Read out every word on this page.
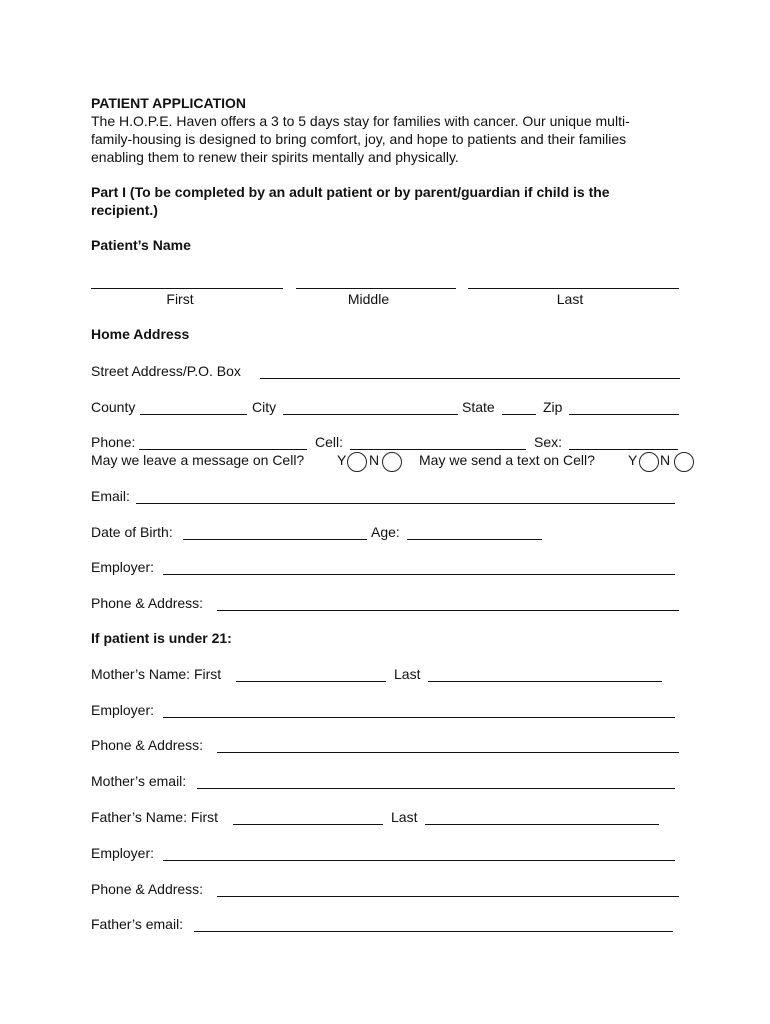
PATIENT APPLICATION
The H.O.P.E. Haven offers a 3 to 5 days stay for families with cancer. Our unique multi-
family-housing is designed to bring comfort, joy, and hope to patients and their families
enabling them to renew their spirits mentally and physically.
Part I (To be completed by an adult patient or by parent/guardian if child is the
recipient.)
Patient’s Name
First	Middle	Last
Home Address
Street Address/P.O. Box
County	City	State	Zip
Phone:	Cell:	Sex:
May we leave a message on Cell? Y N	May we send a text on Cell? Y N
Email:
Date of Birth:	Age:
Employer:
Phone & Address:
If patient is under 21:
Mother’s Name: First	Last
Employer:
Phone & Address:
Mother’s email:
Father’s Name: First	Last
Employer:
Phone & Address:
Father’s email:
